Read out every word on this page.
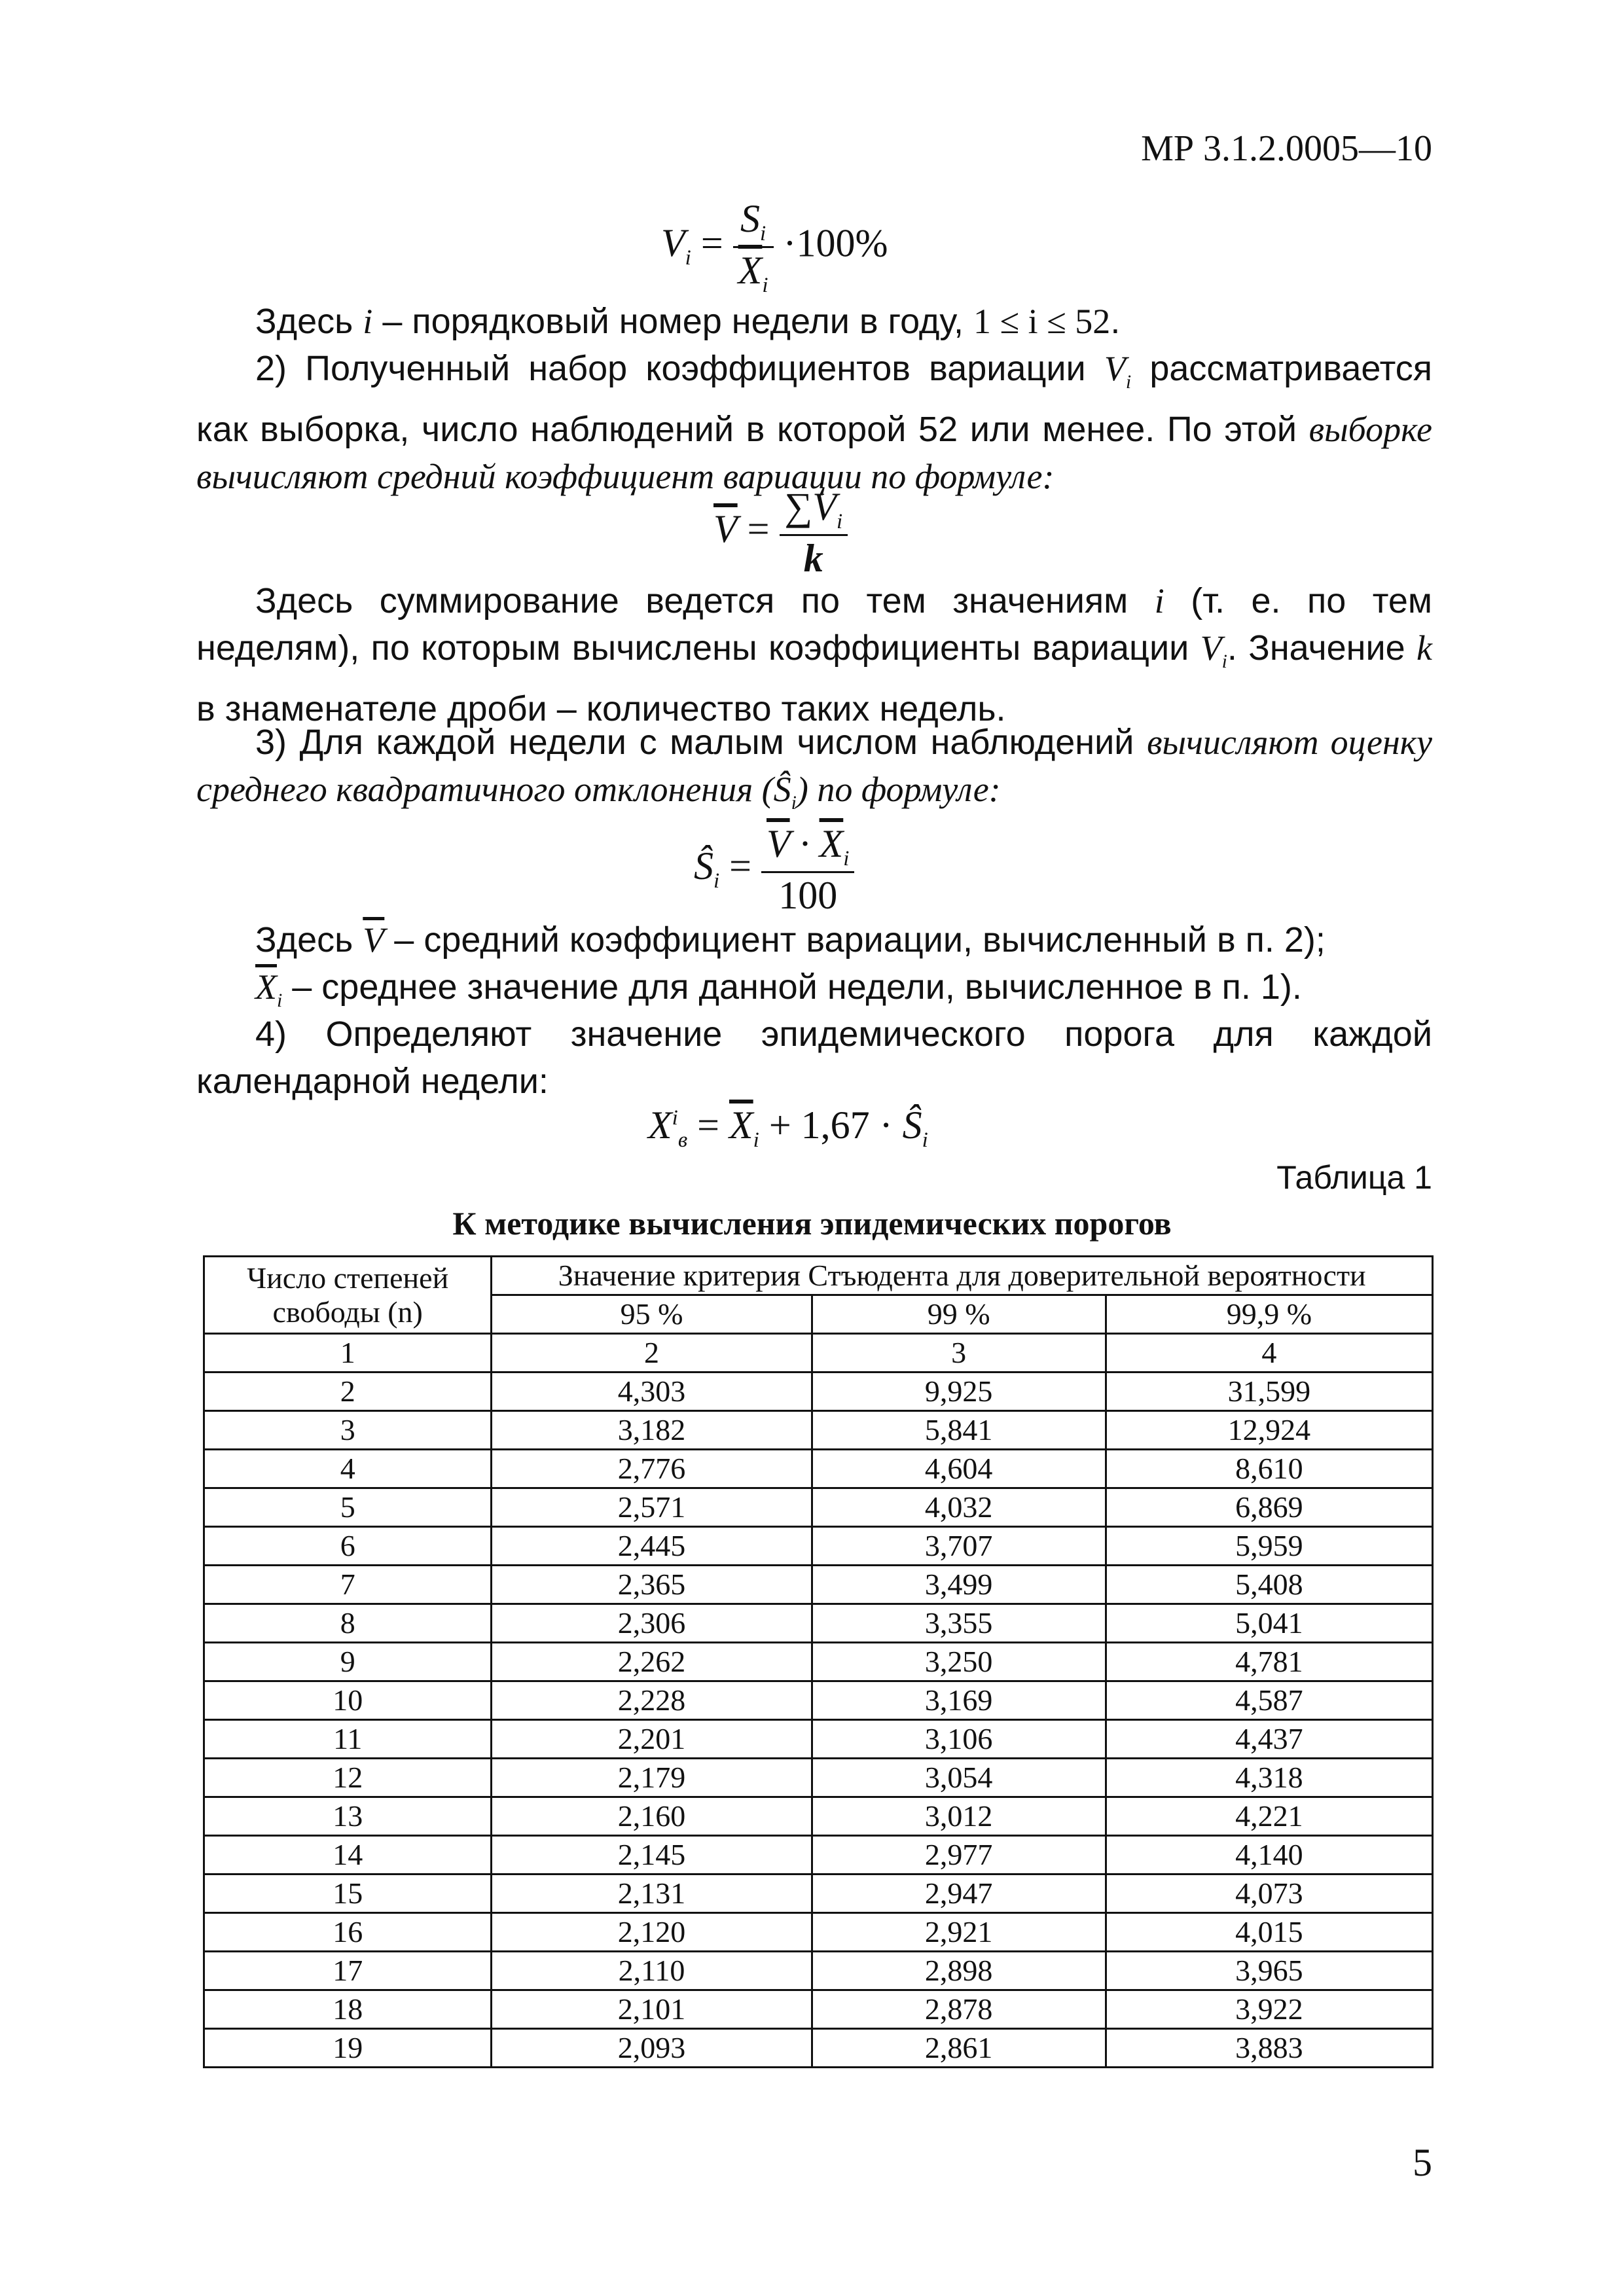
МР 3.1.2.0005—10
$V_i = \frac{S_i}{\overline{X}_i} \cdot 100\%$
Здесь i – порядковый номер недели в году, 1 ≤ i ≤ 52.
2) Полученный набор коэффициентов вариации $V_i$ рассматривается как выборка, число наблюдений в которой 52 или менее. По этой выборке вычисляют средний коэффициент вариации по формуле:
$\overline{V} = \frac{\sum V_i}{k}$
Здесь суммирование ведется по тем значениям i (т. е. по тем неделям), по которым вычислены коэффициенты вариации $V_i$. Значение k в знаменателе дроби – количество таких недель.
3) Для каждой недели с малым числом наблюдений вычисляют оценку среднего квадратичного отклонения $(Ŝ_i)$ по формуле:
$Ŝ_i = \frac{\overline{V} \cdot \overline{X}_i}{100}$
Здесь $\overline{V}$ – средний коэффициент вариации, вычисленный в п. 2);
$\overline{X}_i$ – среднее значение для данной недели, вычисленное в п. 1).
4) Определяют значение эпидемического порога для каждой календарной недели:
$X^i_в = \overline{X}_i + 1,67$ · $Ŝ_i$
Таблица 1
К методике вычисления эпидемических порогов
Число степеней свободы (n)	Значение критерия Стъюдента для доверительной вероятности		
	95 %	99 %	99,9 %
1	2	3	4
2	4,303	9,925	31,599
3	3,182	5,841	12,924
4	2,776	4,604	8,610
5	2,571	4,032	6,869
6	2,445	3,707	5,959
7	2,365	3,499	5,408
8	2,306	3,355	5,041
9	2,262	3,250	4,781
10	2,228	3,169	4,587
11	2,201	3,106	4,437
12	2,179	3,054	4,318
13	2,160	3,012	4,221
14	2,145	2,977	4,140
15	2,131	2,947	4,073
16	2,120	2,921	4,015
17	2,110	2,898	3,965
18	2,101	2,878	3,922
19	2,093	2,861	3,883
5
